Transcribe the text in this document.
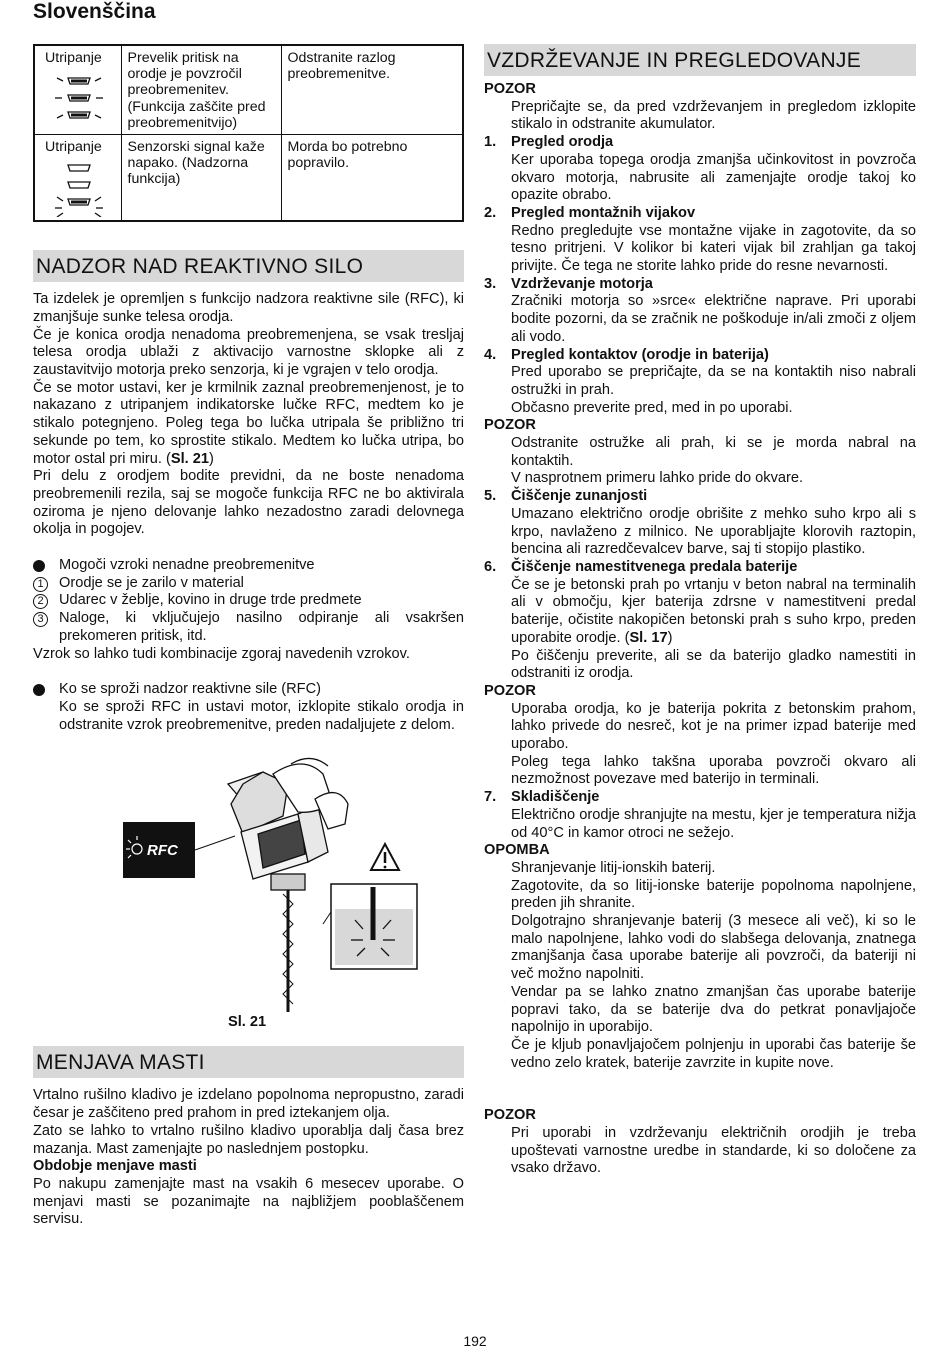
Slovenščina
Utripanje	Prevelik pritisk na orodje je povzročil preobremenitev. (Funkcija zaščite pred preobremenitvijo)	Odstranite razlog preobremenitve.
Utripanje	Senzorski signal kaže napako. (Nadzorna funkcija)	Morda bo potrebno popravilo.
NADZOR NAD REAKTIVNO SILO

Ta izdelek je opremljen s funkcijo nadzora reaktivne sile (RFC), ki zmanjšuje sunke telesa orodja.

Če je konica orodja nenadoma preobremenjena, se vsak tresljaj telesa orodja ublaži z aktivacijo varnostne sklopke ali z zaustavitvijo motorja preko senzorja, ki je vgrajen v telo orodja.

Če se motor ustavi, ker je krmilnik zaznal preobremenjenost, je to nakazano z utripanjem indikatorske lučke RFC, medtem ko je stikalo potegnjeno. Poleg tega bo lučka utripala še približno tri sekunde po tem, ko sprostite stikalo. Medtem ko lučka utripa, bo motor ostal pri miru. (Sl. 21)

Pri delu z orodjem bodite previdni, da ne boste nenadoma preobremenili rezila, saj se mogoče funkcija RFC ne bo aktivirala oziroma je njeno delovanje lahko nezadostno zaradi delovnega okolja in pogojev.

Mogoči vzroki nenadne preobremenitve
1	Orodje se je zarilo v material
2	Udarec v žeblje, kovino in druge trde predmete
3	Naloge, ki vključujejo nasilno odpiranje ali vsakršen prekomeren pritisk, itd.

Vzrok so lahko tudi kombinacije zgoraj navedenih vzrokov.

Ko se sproži nadzor reaktivne sile (RFC)
Ko se sproži RFC in ustavi motor, izklopite stikalo orodja in odstranite vzrok preobremenitve, preden nadaljujete z delom.
RFC
Sl. 21
MENJAVA MASTI

Vrtalno rušilno kladivo je izdelano popolnoma nepropustno, zaradi česar je zaščiteno pred prahom in pred iztekanjem olja.

Zato se lahko to vrtalno rušilno kladivo uporablja dalj časa brez mazanja. Mast zamenjajte po naslednjem postopku.

Obdobje menjave masti

Po nakupu zamenjajte mast na vsakih 6 mesecev uporabe. O menjavi masti se pozanimajte na najbližjem pooblaščenem servisu.

VZDRŽEVANJE IN PREGLEDOVANJE

POZOR

Prepričajte se, da pred vzdrževanjem in pregledom izklopite stikalo in odstranite akumulator.

1.	Pregled orodja

Ker uporaba topega orodja zmanjša učinkovitost in povzroča okvaro motorja, nabrusite ali zamenjajte orodje takoj ko opazite obrabo.

2.	Pregled montažnih vijakov

Redno pregledujte vse montažne vijake in zagotovite, da so tesno pritrjeni. V kolikor bi kateri vijak bil zrahljan ga takoj privijte. Če tega ne storite lahko pride do resne nevarnosti.

3.	Vzdrževanje motorja

Zračniki motorja so »srce« električne naprave. Pri uporabi bodite pozorni, da se zračnik ne poškoduje in/ali zmoči z oljem ali vodo.

4.	Pregled kontaktov (orodje in baterija)

Pred uporabo se prepričajte, da se na kontaktih niso nabrali ostružki in prah.

Občasno preverite pred, med in po uporabi.

POZOR

Odstranite ostružke ali prah, ki se je morda nabral na kontaktih.

V nasprotnem primeru lahko pride do okvare.

5.	Čiščenje zunanjosti

Umazano električno orodje obrišite z mehko suho krpo ali s krpo, navlaženo z milnico. Ne uporabljajte klorovih raztopin, bencina ali razredčevalcev barve, saj ti stopijo plastiko.

6.	Čiščenje namestitvenega predala baterije

Če se je betonski prah po vrtanju v beton nabral na terminalih ali v območju, kjer baterija zdrsne v namestitveni predal baterije, očistite nakopičen betonski prah s suho krpo, preden uporabite orodje. (Sl. 17)

Po čiščenju preverite, ali se da baterijo gladko namestiti in odstraniti iz orodja.

POZOR

Uporaba orodja, ko je baterija pokrita z betonskim prahom, lahko privede do nesreč, kot je na primer izpad baterije med uporabo.

Poleg tega lahko takšna uporaba povzroči okvaro ali nezmožnost povezave med baterijo in terminali.

7.	Skladiščenje

Električno orodje shranjujte na mestu, kjer je temperatura nižja od 40°C in kamor otroci ne sežejo.

OPOMBA

Shranjevanje litij-ionskih baterij.

Zagotovite, da so litij-ionske baterije popolnoma napolnjene, preden jih shranite.

Dolgotrajno shranjevanje baterij (3 mesece ali več), ki so le malo napolnjene, lahko vodi do slabšega delovanja, znatnega zmanjšanja časa uporabe baterije ali povzroči, da bateriji ni več možno napolniti.

Vendar pa se lahko znatno zmanjšan čas uporabe baterije popravi tako, da se baterije dva do petkrat ponavljajoče napolnijo in uporabijo.

Če je kljub ponavljajočem polnjenju in uporabi čas baterije še vedno zelo kratek, baterije zavrzite in kupite nove.

POZOR

Pri uporabi in vzdrževanju električnih orodjih je treba upoštevati varnostne uredbe in standarde, ki so določene za vsako državo.

192
